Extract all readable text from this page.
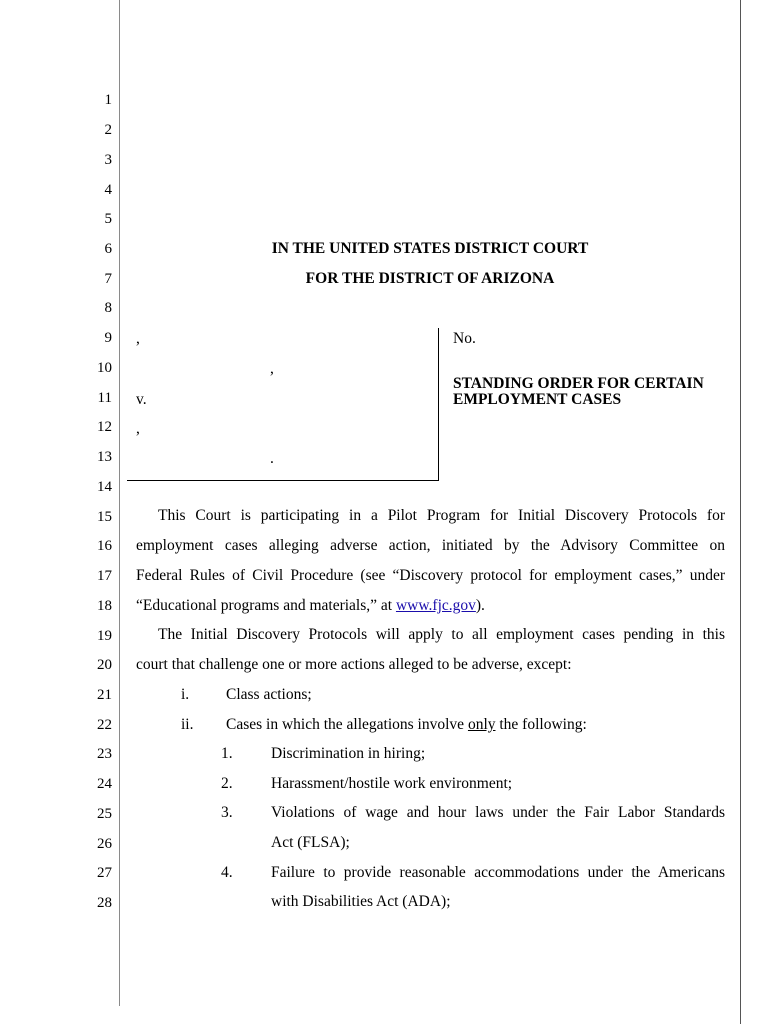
1
2
3
4
5
6
7
8
9
10
11
12
13
14
15
16
17
18
19
20
21
22
23
24
25
26
27
28
IN THE UNITED STATES DISTRICT COURT
FOR THE DISTRICT OF ARIZONA
,
,
v.
,
.
No.
STANDING ORDER FOR CERTAIN
EMPLOYMENT CASES
This Court is participating in a Pilot Program for Initial Discovery Protocols for
employment cases alleging adverse action, initiated by the Advisory Committee on
Federal Rules of Civil Procedure (see “Discovery protocol for employment cases,” under
“Educational programs and materials,” at www.fjc.gov).
The Initial Discovery Protocols will apply to all employment cases pending in this
court that challenge one or more actions alleged to be adverse, except:
i. Class actions;
ii. Cases in which the allegations involve only the following:
1. Discrimination in hiring;
2. Harassment/hostile work environment;
3. Violations of wage and hour laws under the Fair Labor Standards
Act (FLSA);
4. Failure to provide reasonable accommodations under the Americans
with Disabilities Act (ADA);
